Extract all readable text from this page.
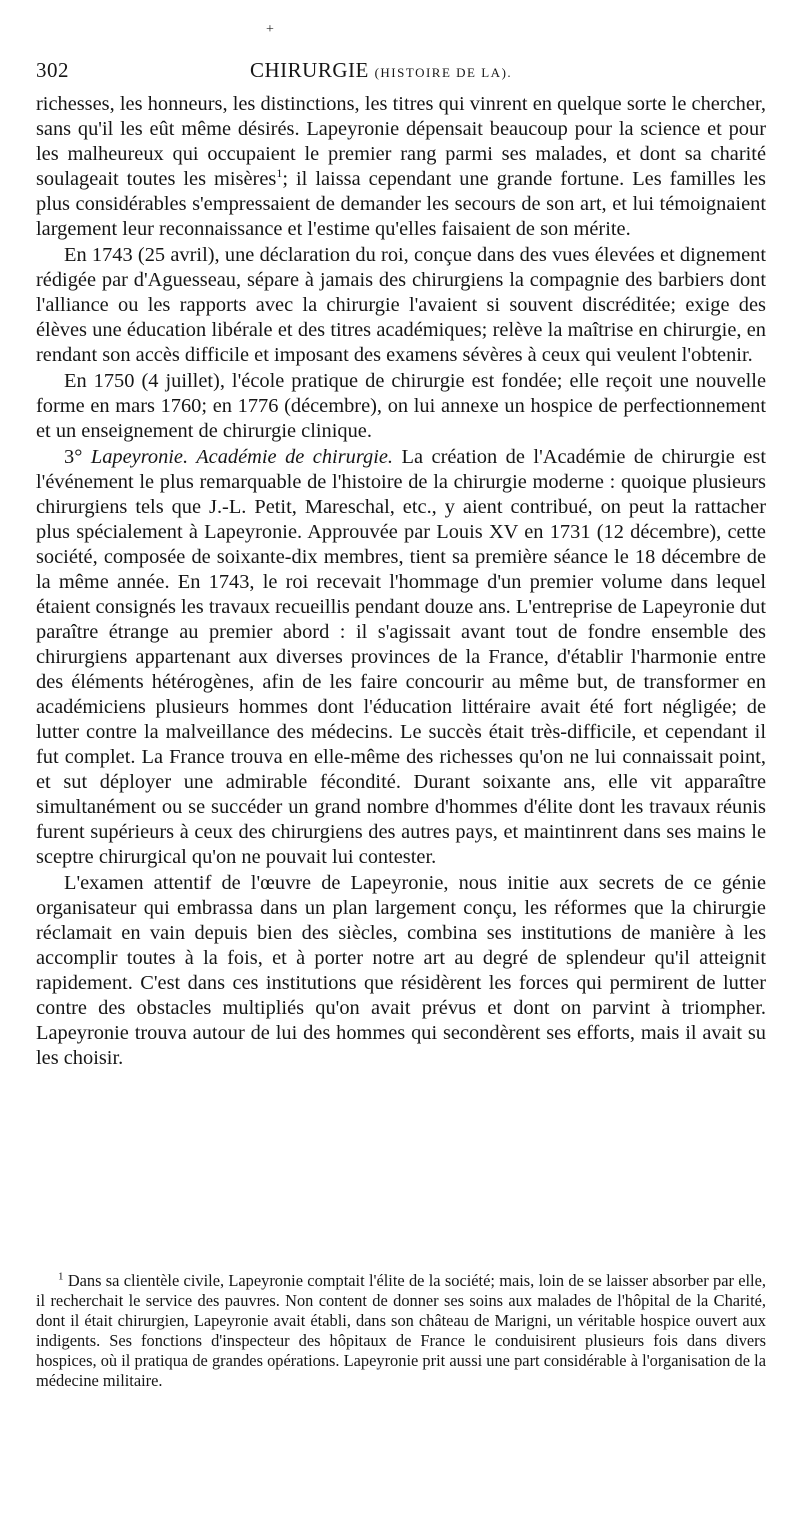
+
302	CHIRURGIE (HISTOIRE DE LA).

richesses, les honneurs, les distinctions, les titres qui vinrent en quelque sorte le chercher, sans qu'il les eût même désirés. Lapeyronie dépensait beaucoup pour la science et pour les malheureux qui occupaient le premier rang parmi ses malades, et dont sa charité soulageait toutes les misères$^1$; il laissa cependant une grande fortune. Les familles les plus considérables s'empressaient de demander les secours de son art, et lui témoignaient largement leur reconnaissance et l'estime qu'elles faisaient de son mérite.

En 1743 (25 avril), une déclaration du roi, conçue dans des vues élevées et dignement rédigée par d'Aguesseau, sépare à jamais des chirurgiens la compagnie des barbiers dont l'alliance ou les rapports avec la chirurgie l'avaient si souvent discréditée; exige des élèves une éducation libérale et des titres académiques; relève la maîtrise en chirurgie, en rendant son accès difficile et imposant des examens sévères à ceux qui veulent l'obtenir.

En 1750 (4 juillet), l'école pratique de chirurgie est fondée; elle reçoit une nouvelle forme en mars 1760; en 1776 (décembre), on lui annexe un hospice de perfectionnement et un enseignement de chirurgie clinique.

3° Lapeyronie. Académie de chirurgie. La création de l'Académie de chirurgie est l'événement le plus remarquable de l'histoire de la chirurgie moderne : quoique plusieurs chirurgiens tels que J.-L. Petit, Mareschal, etc., y aient contribué, on peut la rattacher plus spécialement à Lapeyronie. Approuvée par Louis XV en 1731 (12 décembre), cette société, composée de soixante-dix membres, tient sa première séance le 18 décembre de la même année. En 1743, le roi recevait l'hommage d'un premier volume dans lequel étaient consignés les travaux recueillis pendant douze ans. L'entreprise de Lapeyronie dut paraître étrange au premier abord : il s'agissait avant tout de fondre ensemble des chirurgiens appartenant aux diverses provinces de la France, d'établir l'harmonie entre des éléments hétérogènes, afin de les faire concourir au même but, de transformer en académiciens plusieurs hommes dont l'éducation littéraire avait été fort négligée; de lutter contre la malveillance des médecins. Le succès était très-difficile, et cependant il fut complet. La France trouva en elle-même des richesses qu'on ne lui connaissait point, et sut déployer une admirable fécondité. Durant soixante ans, elle vit apparaître simultanément ou se succéder un grand nombre d'hommes d'élite dont les travaux réunis furent supérieurs à ceux des chirurgiens des autres pays, et maintinrent dans ses mains le sceptre chirurgical qu'on ne pouvait lui contester.

L'examen attentif de l'œuvre de Lapeyronie, nous initie aux secrets de ce génie organisateur qui embrassa dans un plan largement conçu, les réformes que la chirurgie réclamait en vain depuis bien des siècles, combina ses institutions de manière à les accomplir toutes à la fois, et à porter notre art au degré de splendeur qu'il atteignit rapidement. C'est dans ces institutions que résidèrent les forces qui permirent de lutter contre des obstacles multipliés qu'on avait prévus et dont on parvint à triompher. Lapeyronie trouva autour de lui des hommes qui secondèrent ses efforts, mais il avait su les choisir.

$^1$ Dans sa clientèle civile, Lapeyronie comptait l'élite de la société; mais, loin de se laisser absorber par elle, il recherchait le service des pauvres. Non content de donner ses soins aux malades de l'hôpital de la Charité, dont il était chirurgien, Lapeyronie avait établi, dans son château de Marigni, un véritable hospice ouvert aux indigents. Ses fonctions d'inspecteur des hôpitaux de France le conduisirent plusieurs fois dans divers hospices, où il pratiqua de grandes opérations. Lapeyronie prit aussi une part considérable à l'organisation de la médecine militaire.
